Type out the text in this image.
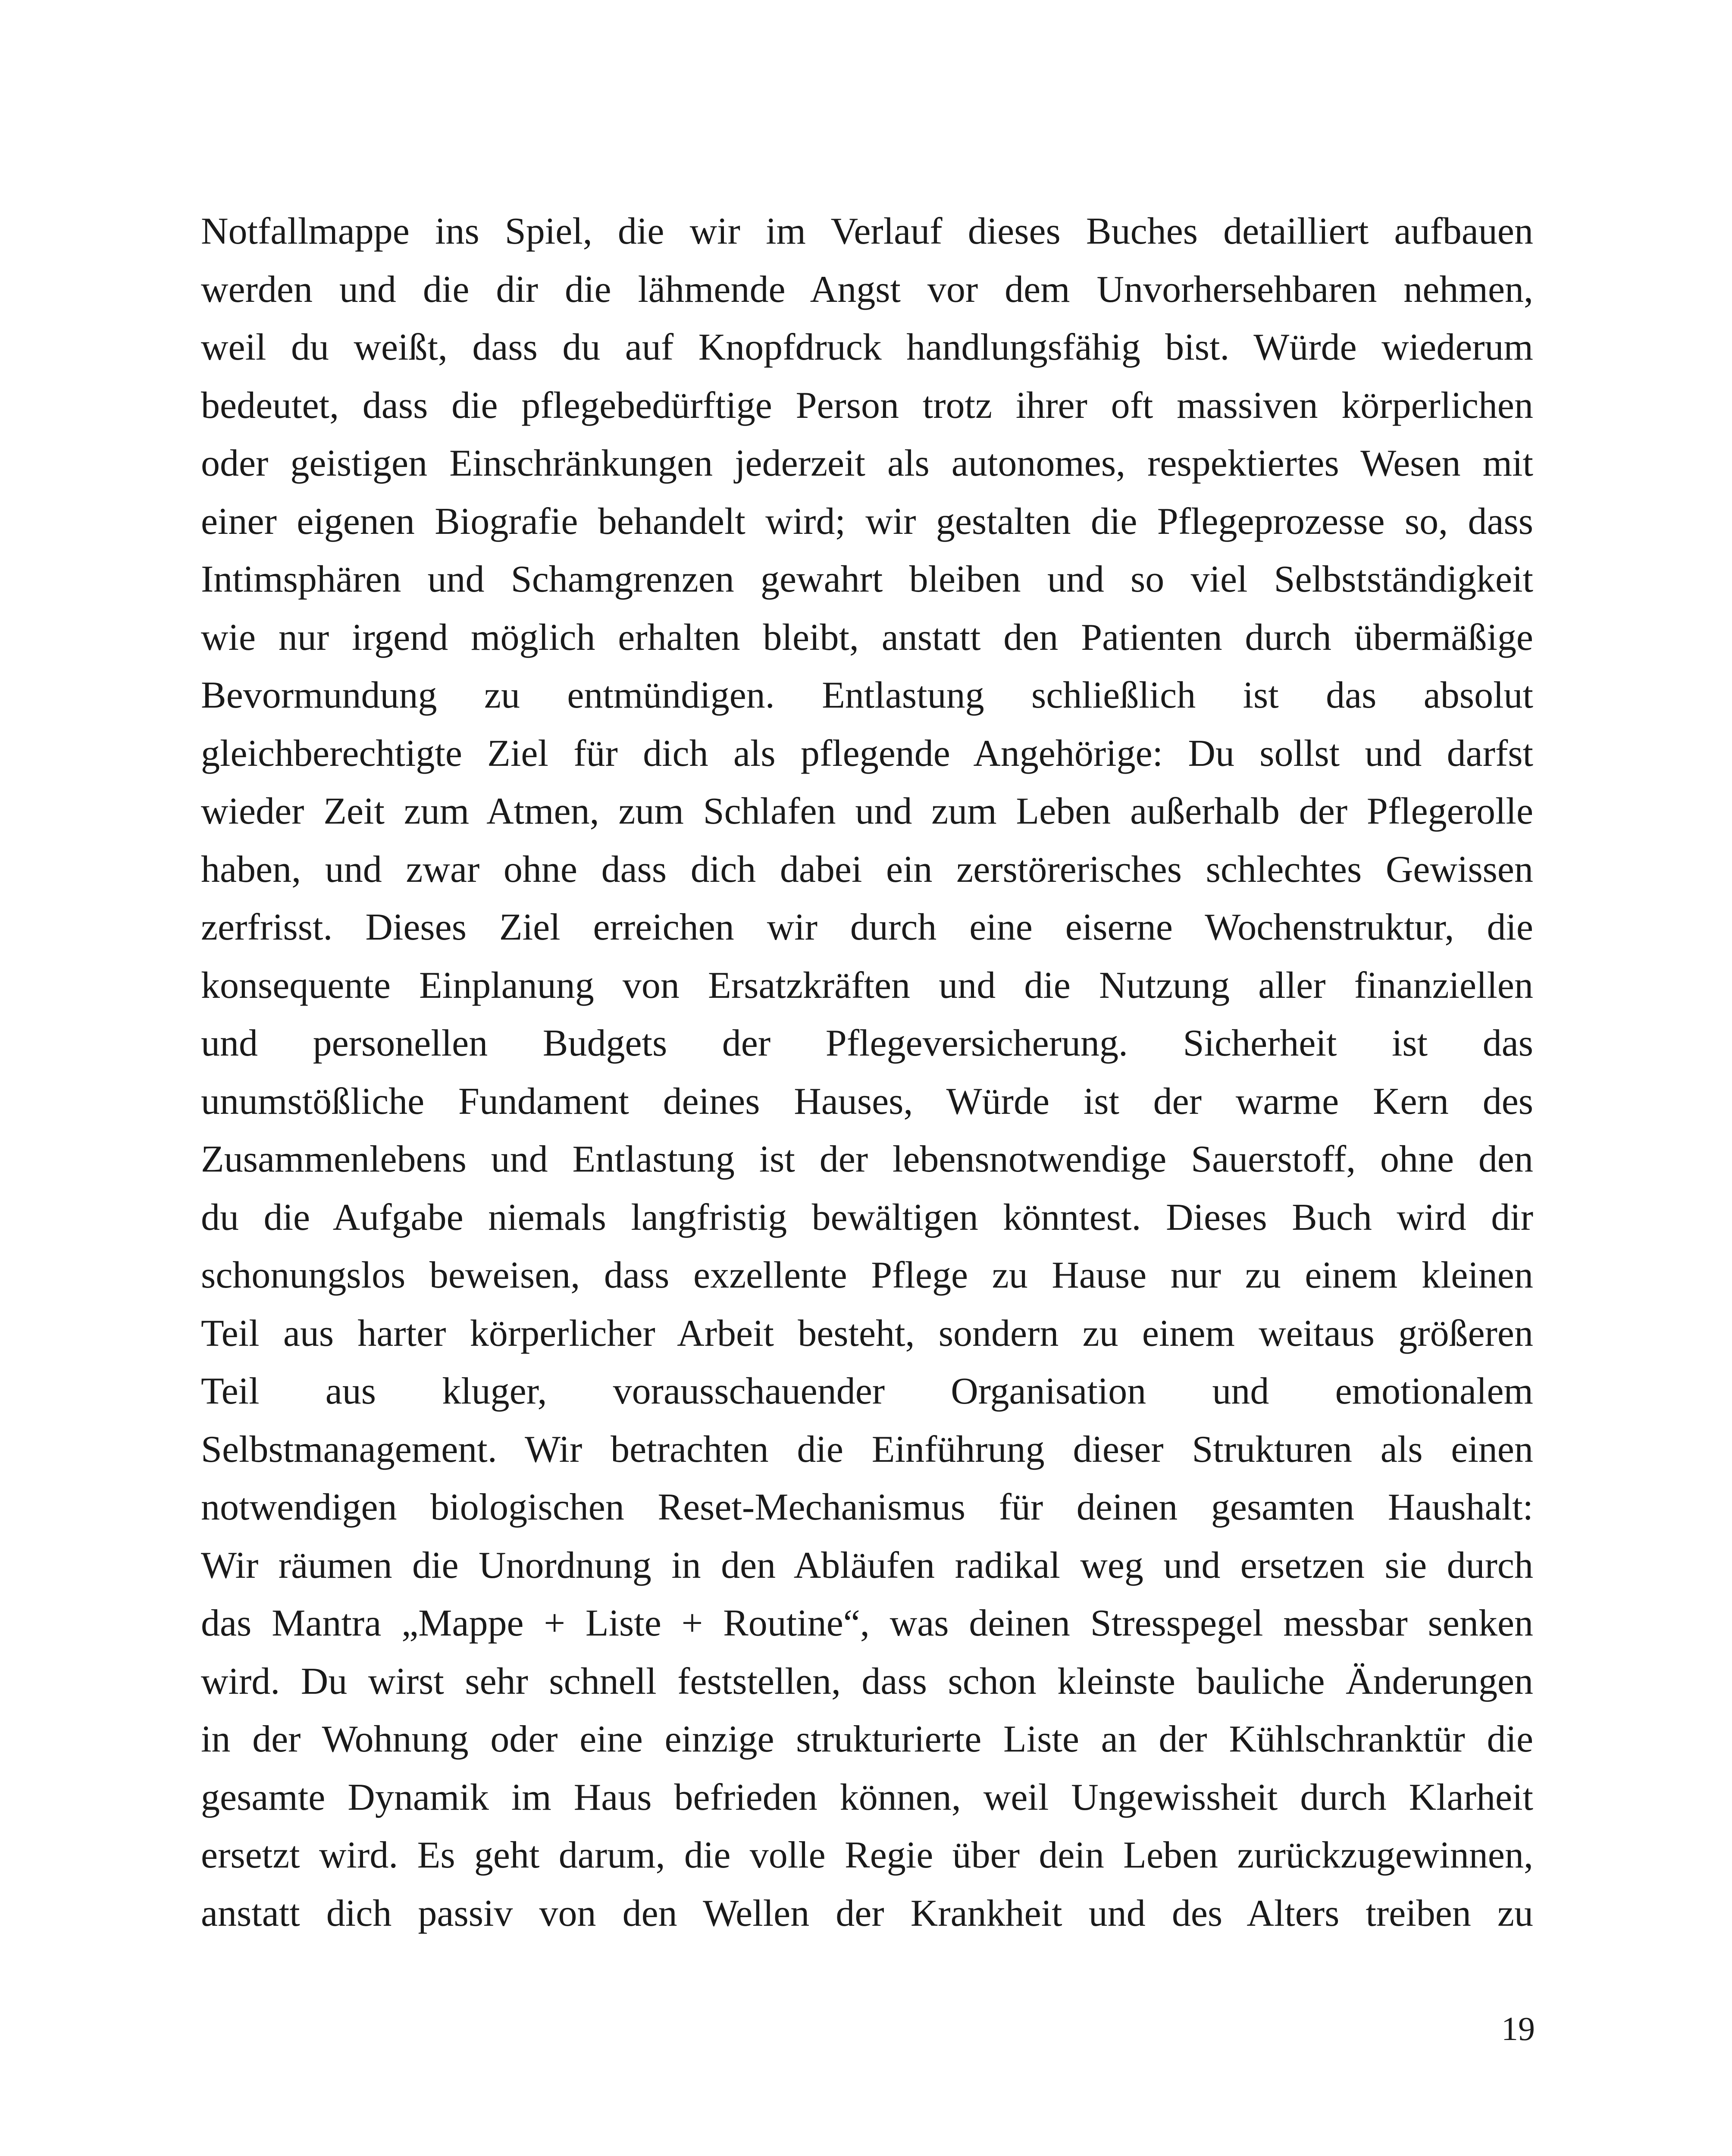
Notfallmappe ins Spiel, die wir im Verlauf dieses Buches detailliert aufbauen
werden und die dir die lähmende Angst vor dem Unvorhersehbaren nehmen,
weil du weißt, dass du auf Knopfdruck handlungsfähig bist. Würde wiederum
bedeutet, dass die pflegebedürftige Person trotz ihrer oft massiven körperlichen
oder geistigen Einschränkungen jederzeit als autonomes, respektiertes Wesen mit
einer eigenen Biografie behandelt wird; wir gestalten die Pflegeprozesse so, dass
Intimsphären und Schamgrenzen gewahrt bleiben und so viel Selbstständigkeit
wie nur irgend möglich erhalten bleibt, anstatt den Patienten durch übermäßige
Bevormundung zu entmündigen. Entlastung schließlich ist das absolut
gleichberechtigte Ziel für dich als pflegende Angehörige: Du sollst und darfst
wieder Zeit zum Atmen, zum Schlafen und zum Leben außerhalb der Pflegerolle
haben, und zwar ohne dass dich dabei ein zerstörerisches schlechtes Gewissen
zerfrisst. Dieses Ziel erreichen wir durch eine eiserne Wochenstruktur, die
konsequente Einplanung von Ersatzkräften und die Nutzung aller finanziellen
und personellen Budgets der Pflegeversicherung. Sicherheit ist das
unumstößliche Fundament deines Hauses, Würde ist der warme Kern des
Zusammenlebens und Entlastung ist der lebensnotwendige Sauerstoff, ohne den
du die Aufgabe niemals langfristig bewältigen könntest. Dieses Buch wird dir
schonungslos beweisen, dass exzellente Pflege zu Hause nur zu einem kleinen
Teil aus harter körperlicher Arbeit besteht, sondern zu einem weitaus größeren
Teil aus kluger, vorausschauender Organisation und emotionalem
Selbstmanagement. Wir betrachten die Einführung dieser Strukturen als einen
notwendigen biologischen Reset-Mechanismus für deinen gesamten Haushalt:
Wir räumen die Unordnung in den Abläufen radikal weg und ersetzen sie durch
das Mantra „Mappe + Liste + Routine“, was deinen Stresspegel messbar senken
wird. Du wirst sehr schnell feststellen, dass schon kleinste bauliche Änderungen
in der Wohnung oder eine einzige strukturierte Liste an der Kühlschranktür die
gesamte Dynamik im Haus befrieden können, weil Ungewissheit durch Klarheit
ersetzt wird. Es geht darum, die volle Regie über dein Leben zurückzugewinnen,
anstatt dich passiv von den Wellen der Krankheit und des Alters treiben zu
19
